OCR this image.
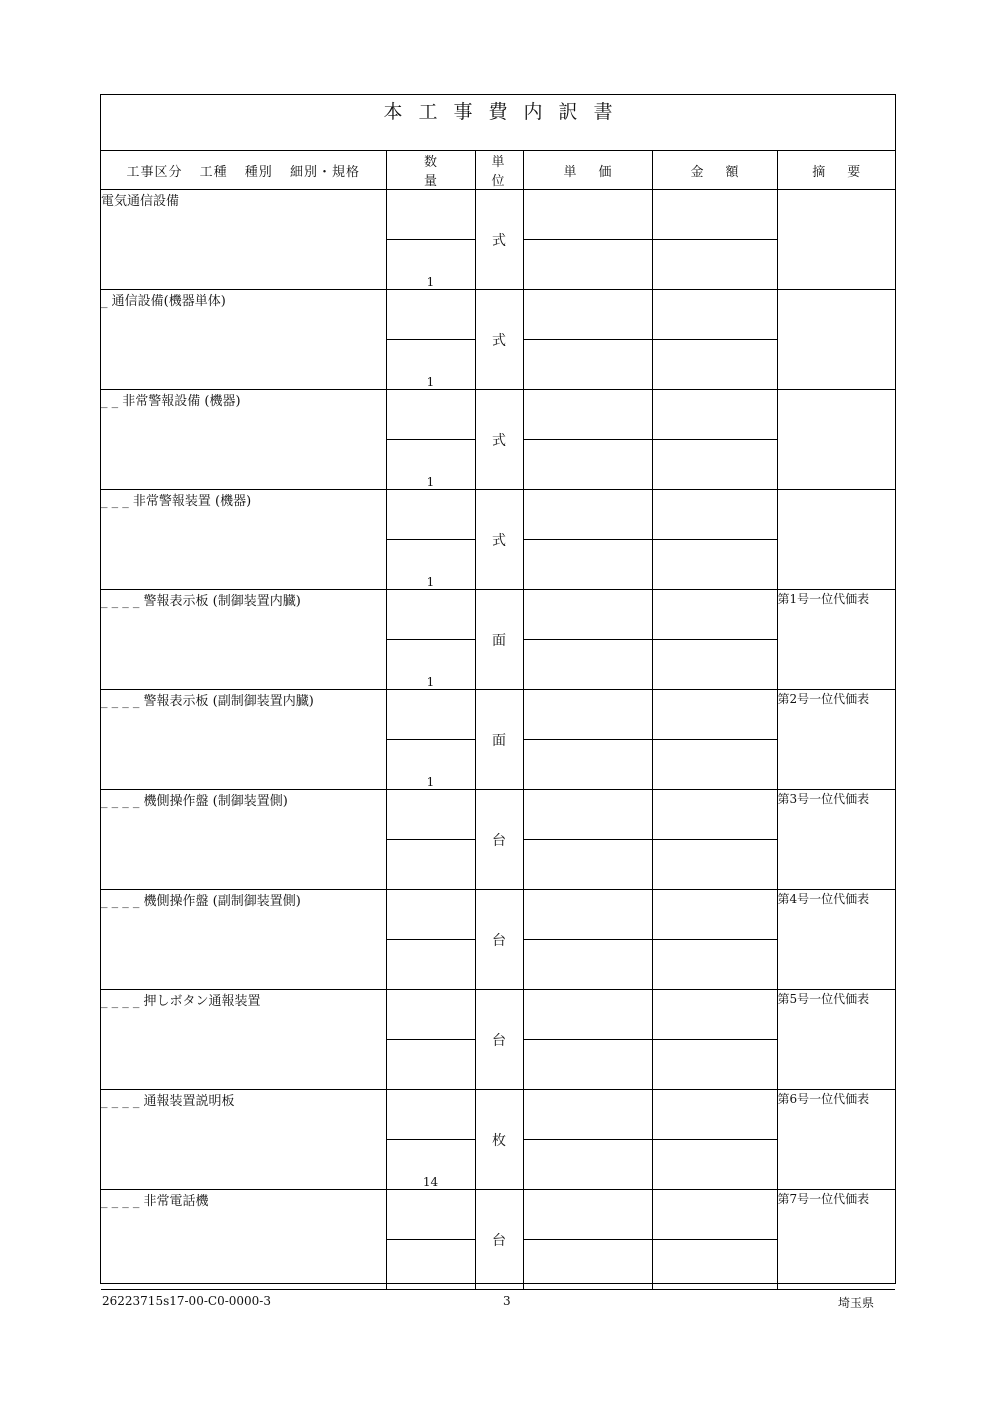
本工事費内訳書
工事区分 工種 種別 細別・規格	数量	単位	単価	金額	摘要
電気通信設備		式			
	1				
_ 通信設備(機器単体)		式			
	1				
_ _ 非常警報設備 (機器)		式			
	1				
_ _ _ 非常警報装置 (機器)		式			
	1				
_ _ _ _ 警報表示板 (制御装置内臓)		面			第1号一位代価表
	1				
_ _ _ _ 警報表示板 (副制御装置内臓)		面			第2号一位代価表
	1				
_ _ _ _ 機側操作盤 (制御装置側)		台			第3号一位代価表

_ _ _ _ 機側操作盤 (副制御装置側)		台			第4号一位代価表

_ _ _ _ 押しボタン通報装置		台			第5号一位代価表

_ _ _ _ 通報装置説明板		枚			第6号一位代価表
	14				
_ _ _ _ 非常電話機		台			第7号一位代価表

26223715s17-00-C0-0000-3	3	埼玉県
